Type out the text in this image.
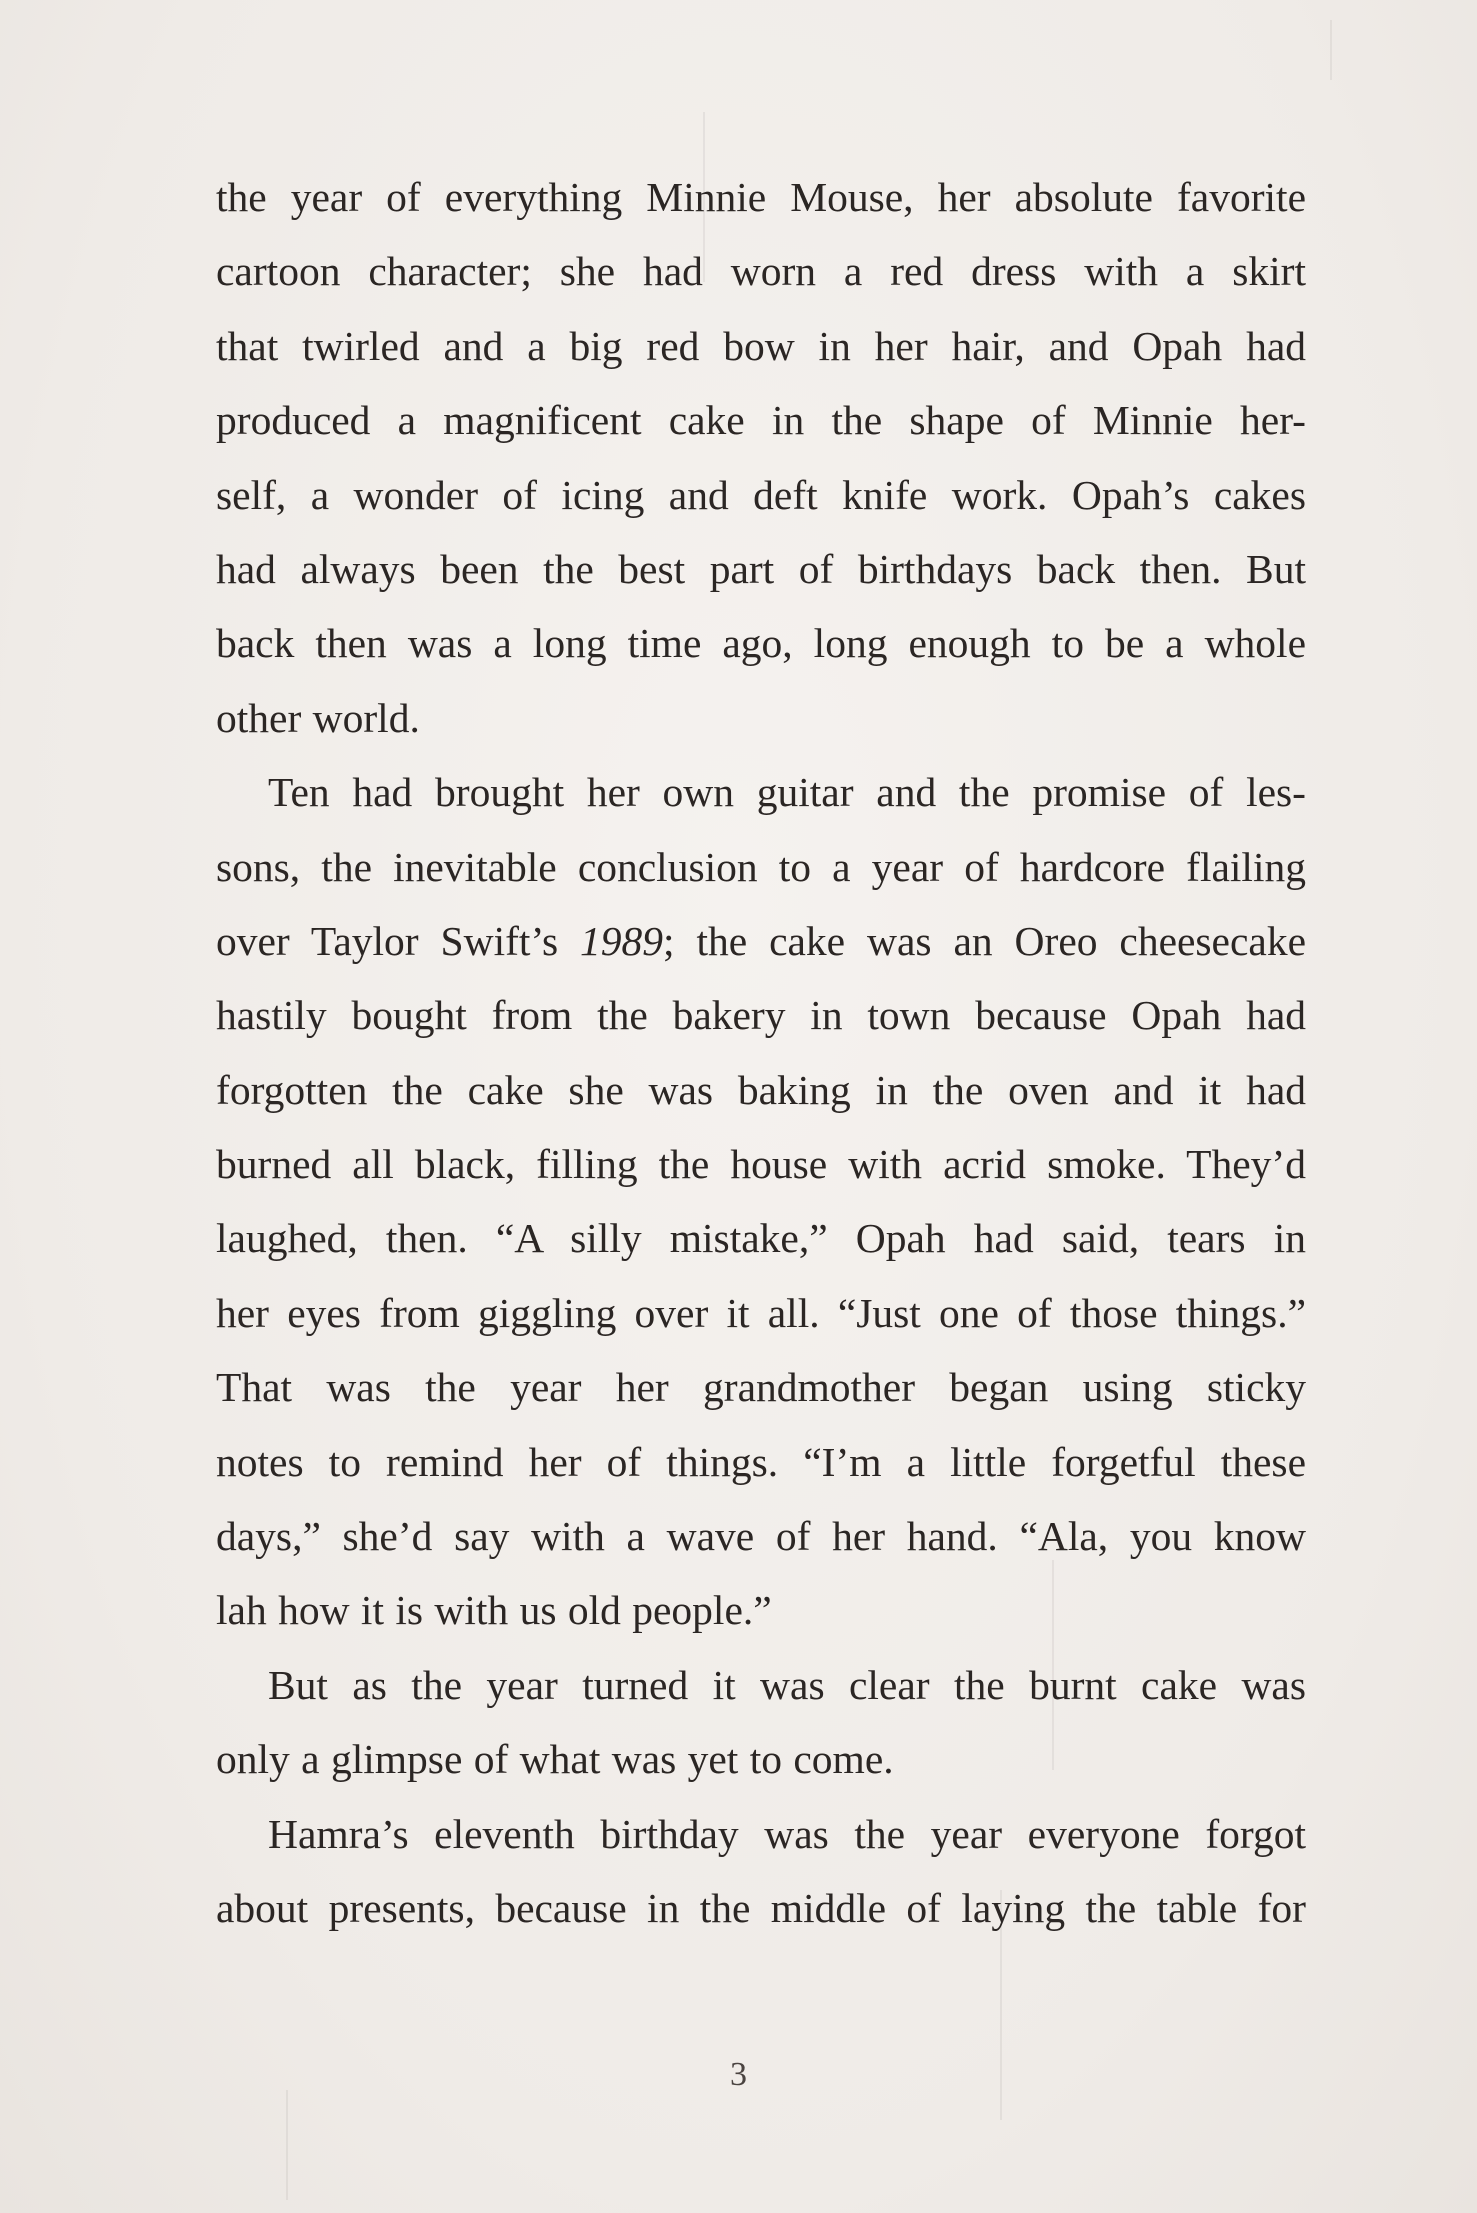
the year of everything Minnie Mouse, her absolute favorite
cartoon character; she had worn a red dress with a skirt
that twirled and a big red bow in her hair, and Opah had
produced a magnificent cake in the shape of Minnie her-
self, a wonder of icing and deft knife work. Opah’s cakes
had always been the best part of birthdays back then. But
back then was a long time ago, long enough to be a whole
other world.

Ten had brought her own guitar and the promise of les-
sons, the inevitable conclusion to a year of hardcore flailing
over Taylor Swift’s 1989; the cake was an Oreo cheesecake
hastily bought from the bakery in town because Opah had
forgotten the cake she was baking in the oven and it had
burned all black, filling the house with acrid smoke. They’d
laughed, then. “A silly mistake,” Opah had said, tears in
her eyes from giggling over it all. “Just one of those things.”
That was the year her grandmother began using sticky
notes to remind her of things. “I’m a little forgetful these
days,” she’d say with a wave of her hand. “Ala, you know
lah how it is with us old people.”

But as the year turned it was clear the burnt cake was
only a glimpse of what was yet to come.

Hamra’s eleventh birthday was the year everyone forgot
about presents, because in the middle of laying the table for

3
